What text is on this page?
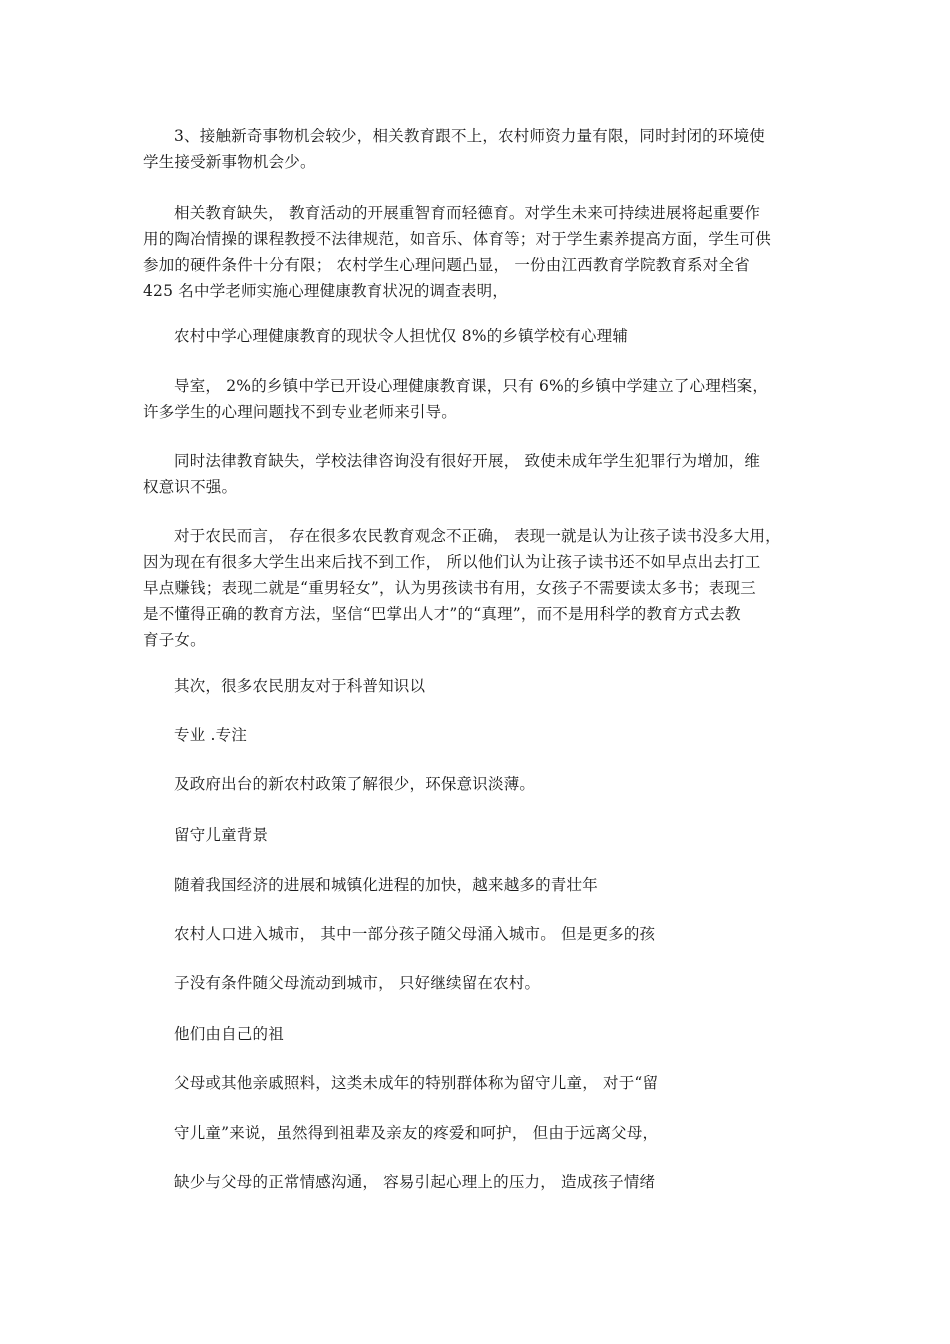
3、接触新奇事物机会较少，相关教育跟不上，农村师资力量有限，同时封闭的环境使
学生接受新事物机会少。
相关教育缺失， 教育活动的开展重智育而轻德育。对学生未来可持续进展将起重要作
用的陶冶情操的课程教授不法律规范，如音乐、体育等；对于学生素养提高方面，学生可供
参加的硬件条件十分有限； 农村学生心理问题凸显， 一份由江西教育学院教育系对全省
425 名中学老师实施心理健康教育状况的调查表明，
农村中学心理健康教育的现状令人担忧仅 8%的乡镇学校有心理辅
导室， 2%的乡镇中学已开设心理健康教育课，只有 6%的乡镇中学建立了心理档案，
许多学生的心理问题找不到专业老师来引导。
同时法律教育缺失，学校法律咨询没有很好开展， 致使未成年学生犯罪行为增加，维
权意识不强。
对于农民而言， 存在很多农民教育观念不正确， 表现一就是认为让孩子读书没多大用，
因为现在有很多大学生出来后找不到工作， 所以他们认为让孩子读书还不如早点出去打工
早点赚钱；表现二就是“重男轻女”，认为男孩读书有用，女孩子不需要读太多书；表现三
是不懂得正确的教育方法，坚信“巴掌出人才”的“真理”，而不是用科学的教育方式去教
育子女。

其次，很多农民朋友对于科普知识以

专业 .专注

及政府出台的新农村政策了解很少，环保意识淡薄。

留守儿童背景

随着我国经济的进展和城镇化进程的加快，越来越多的青壮年

农村人口进入城市， 其中一部分孩子随父母涌入城市。 但是更多的孩

子没有条件随父母流动到城市， 只好继续留在农村。

他们由自己的祖

父母或其他亲戚照料，这类未成年的特别群体称为留守儿童， 对于“留

守儿童”来说，虽然得到祖辈及亲友的疼爱和呵护， 但由于远离父母，

缺少与父母的正常情感沟通， 容易引起心理上的压力， 造成孩子情绪
